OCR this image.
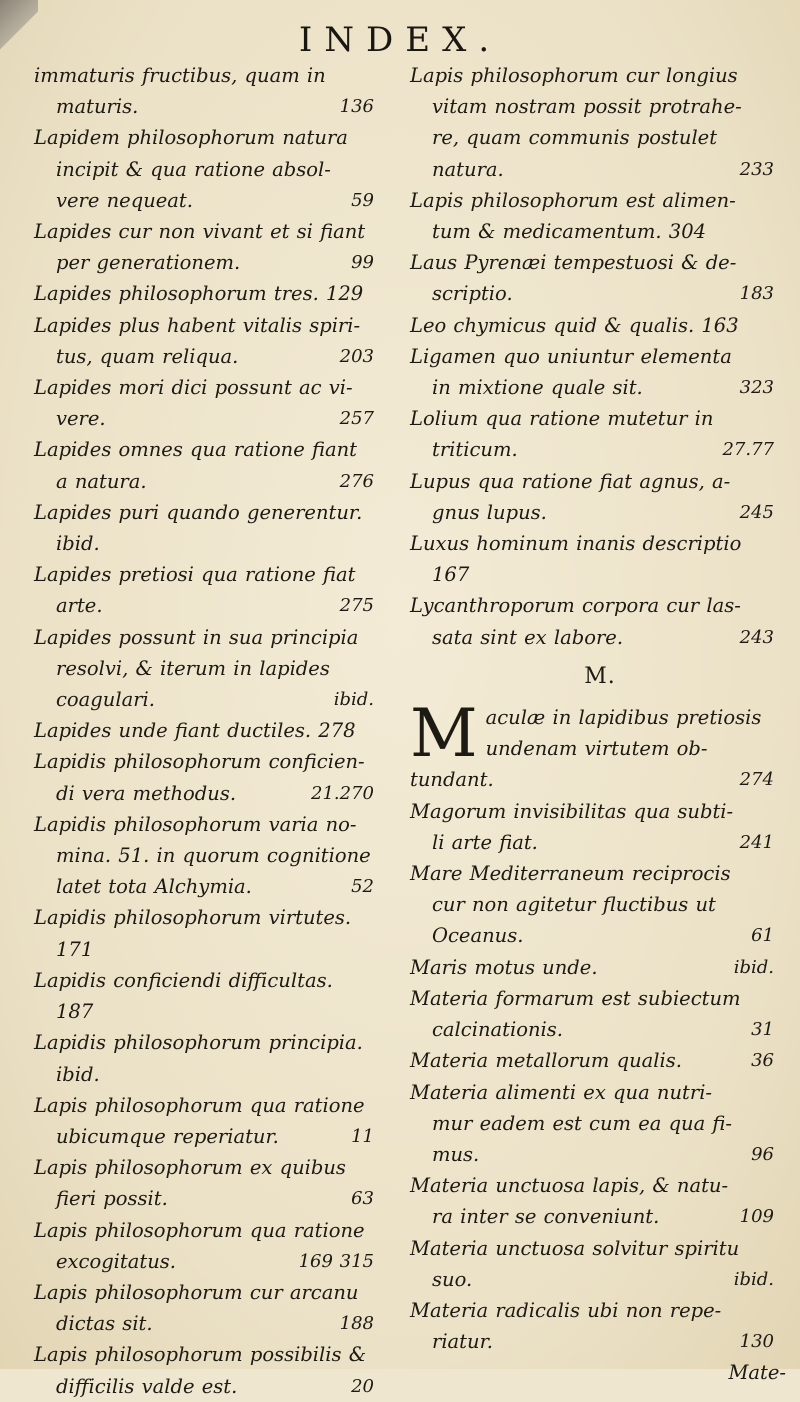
INDEX.
immaturis fructibus, quam in
136
maturis.
Lapidem philosophorum natura
incipit & qua ratione absol-
59
vere nequeat.
Lapides cur non vivant et si fiant
99
per generationem.
Lapides philosophorum tres. 129
Lapides plus habent vitalis spiri-
203
tus, quam reliqua.
Lapides mori dici possunt ac vi-
257
vere.
Lapides omnes qua ratione fiant
276
a natura.
Lapides puri quando generentur.
ibid.
Lapides pretiosi qua ratione fiat
275
arte.
Lapides possunt in sua principia
resolvi, & iterum in lapides
ibid.
coagulari.
Lapides unde fiant ductiles. 278
Lapidis philosophorum conficien-
21.270
di vera methodus.
Lapidis philosophorum varia no-
mina. 51. in quorum cognitione
52
latet tota Alchymia.
Lapidis philosophorum virtutes.
171
Lapidis conficiendi difficultas.
187
Lapidis philosophorum principia.
ibid.
Lapis philosophorum qua ratione
11
ubicumque reperiatur.
Lapis philosophorum ex quibus
63
fieri possit.
Lapis philosophorum qua ratione
169 315
excogitatus.
Lapis philosophorum cur arcanu
188
dictas sit.
Lapis philosophorum possibilis &
20
difficilis valde est.
Lapis philosophorum cur longius
vitam nostram possit protrahe-
re, quam communis postulet
233
natura.
Lapis philosophorum est alimen-
tum & medicamentum. 304
Laus Pyrenæi tempestuosi & de-
183
scriptio.
Leo chymicus quid & qualis. 163
Ligamen quo uniuntur elementa
323
in mixtione quale sit.
Lolium qua ratione mutetur in
27.77
triticum.
Lupus qua ratione fiat agnus, a-
245
gnus lupus.
Luxus hominum inanis descriptio
167
Lycanthroporum corpora cur las-
243
sata sint ex labore.
M.
M aculæ in lapidibus pretiosis
undenam virtutem ob-
274
tundant.
Magorum invisibilitas qua subti-
241
li arte fiat.
Mare Mediterraneum reciprocis
cur non agitetur fluctibus ut
61
Oceanus.
ibid.
Maris motus unde.
Materia formarum est subiectum
31
calcinationis.
36
Materia metallorum qualis.
Materia alimenti ex qua nutri-
mur eadem est cum ea qua fi-
96
mus.
Materia unctuosa lapis, & natu-
109
ra inter se conveniunt.
Materia unctuosa solvitur spiritu
ibid.
suo.
Materia radicalis ubi non repe-
130
riatur.
Mate-
